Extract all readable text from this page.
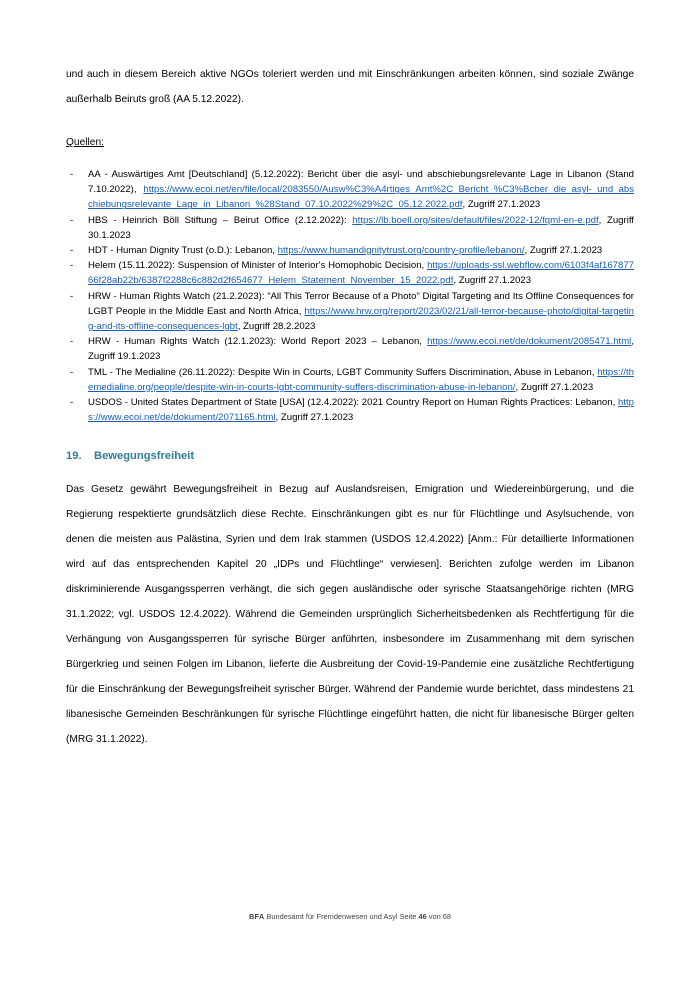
und auch in diesem Bereich aktive NGOs toleriert werden und mit Einschränkungen arbeiten können, sind soziale Zwänge außerhalb Beiruts groß (AA 5.12.2022).

Quellen:
- AA - Auswärtiges Amt [Deutschland] (5.12.2022): Bericht über die asyl- und abschiebungsrelevante Lage in Libanon (Stand 7.10.2022), https://www.ecoi.net/en/file/local/2083550/Ausw%C3%A4rtiges_Amt%2C_Bericht_%C3%Bcber_die_asyl-_und_abschiebungsrelevante_Lage_in_Libanon_%28Stand_07.10.2022%29%2C_05.12.2022.pdf, Zugriff 27.1.2023
- HBS - Heinrich Böll Stiftung – Beirut Office (2.12.2022): https://lb.boell.org/sites/default/files/2022-12/fqml-en-e.pdf, Zugriff 30.1.2023
- HDT - Human Dignity Trust (o.D.): Lebanon, https://www.humandignitytrust.org/country-profile/lebanon/, Zugriff 27.1.2023
- Helem (15.11.2022): Suspension of Minister of Interior's Homophobic Decision, https://uploads-ssl.webflow.com/6103f4af16787766f28ab22b/6387f2288c6c882d2f654677_Helem_Statement_November_15_2022.pdf, Zugriff 27.1.2023
- HRW - Human Rights Watch (21.2.2023): “All This Terror Because of a Photo” Digital Targeting and Its Offline Consequences for LGBT People in the Middle East and North Africa, https://www.hrw.org/report/2023/02/21/all-terror-because-photo/digital-targeting-and-its-offline-consequences-lgbt, Zugriff 28.2.2023
- HRW - Human Rights Watch (12.1.2023): World Report 2023 – Lebanon, https://www.ecoi.net/de/dokument/2085471.html, Zugriff 19.1.2023
- TML - The Medialine (26.11.2022): Despite Win in Courts, LGBT Community Suffers Discrimination, Abuse in Lebanon, https://themedialine.org/people/despite-win-in-courts-lgbt-community-suffers-discrimination-abuse-in-lebanon/, Zugriff 27.1.2023
- USDOS - United States Department of State [USA] (12.4.2022): 2021 Country Report on Human Rights Practices: Lebanon, https://www.ecoi.net/de/dokument/2071165.html, Zugriff 27.1.2023
19. Bewegungsfreiheit

Das Gesetz gewährt Bewegungsfreiheit in Bezug auf Auslandsreisen, Emigration und Wiedereinbürgerung, und die Regierung respektierte grundsätzlich diese Rechte. Einschränkungen gibt es nur für Flüchtlinge und Asylsuchende, von denen die meisten aus Palästina, Syrien und dem Irak stammen (USDOS 12.4.2022) [Anm.: Für detaillierte Informationen wird auf das entsprechenden Kapitel 20 „IDPs und Flüchtlinge“ verwiesen]. Berichten zufolge werden im Libanon diskriminierende Ausgangssperren verhängt, die sich gegen ausländische oder syrische Staatsangehörige richten (MRG 31.1.2022; vgl. USDOS 12.4.2022). Während die Gemeinden ursprünglich Sicherheitsbedenken als Rechtfertigung für die Verhängung von Ausgangssperren für syrische Bürger anführten, insbesondere im Zusammenhang mit dem syrischen Bürgerkrieg und seinen Folgen im Libanon, lieferte die Ausbreitung der Covid-19-Pandemie eine zusätzliche Rechtfertigung für die Einschränkung der Bewegungsfreiheit syrischer Bürger. Während der Pandemie wurde berichtet, dass mindestens 21 libanesische Gemeinden Beschränkungen für syrische Flüchtlinge eingeführt hatten, die nicht für libanesische Bürger gelten (MRG 31.1.2022).

BFA Bundesamt für Fremdenwesen und Asyl Seite 46 von 68
